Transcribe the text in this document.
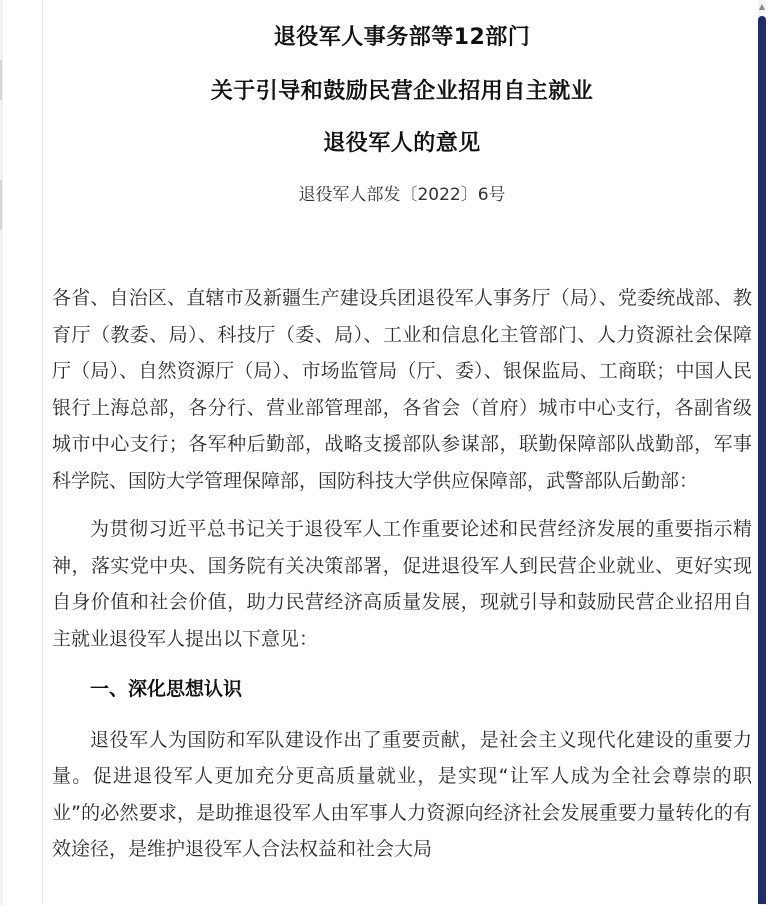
▲
退役军人事务部等12部门
关于引导和鼓励民营企业招用自主就业
退役军人的意见
退役军人部发〔2022〕6号

各省、自治区、直辖市及新疆生产建设兵团退役军人事务厅（局）、党委统战部、教育厅（教委、局）、科技厅（委、局）、工业和信息化主管部门、人力资源社会保障厅（局）、自然资源厅（局）、市场监管局（厅、委）、银保监局、工商联；中国人民银行上海总部，各分行、营业部管理部，各省会（首府）城市中心支行，各副省级城市中心支行；各军种后勤部，战略支援部队参谋部，联勤保障部队战勤部，军事科学院、国防大学管理保障部，国防科技大学供应保障部，武警部队后勤部：

为贯彻习近平总书记关于退役军人工作重要论述和民营经济发展的重要指示精神，落实党中央、国务院有关决策部署，促进退役军人到民营企业就业、更好实现自身价值和社会价值，助力民营经济高质量发展，现就引导和鼓励民营企业招用自主就业退役军人提出以下意见：

一、深化思想认识

退役军人为国防和军队建设作出了重要贡献，是社会主义现代化建设的重要力量。促进退役军人更加充分更高质量就业，是实现“让军人成为全社会尊崇的职业”的必然要求，是助推退役军人由军事人力资源向经济社会发展重要力量转化的有效途径，是维护退役军人合法权益和社会大局
